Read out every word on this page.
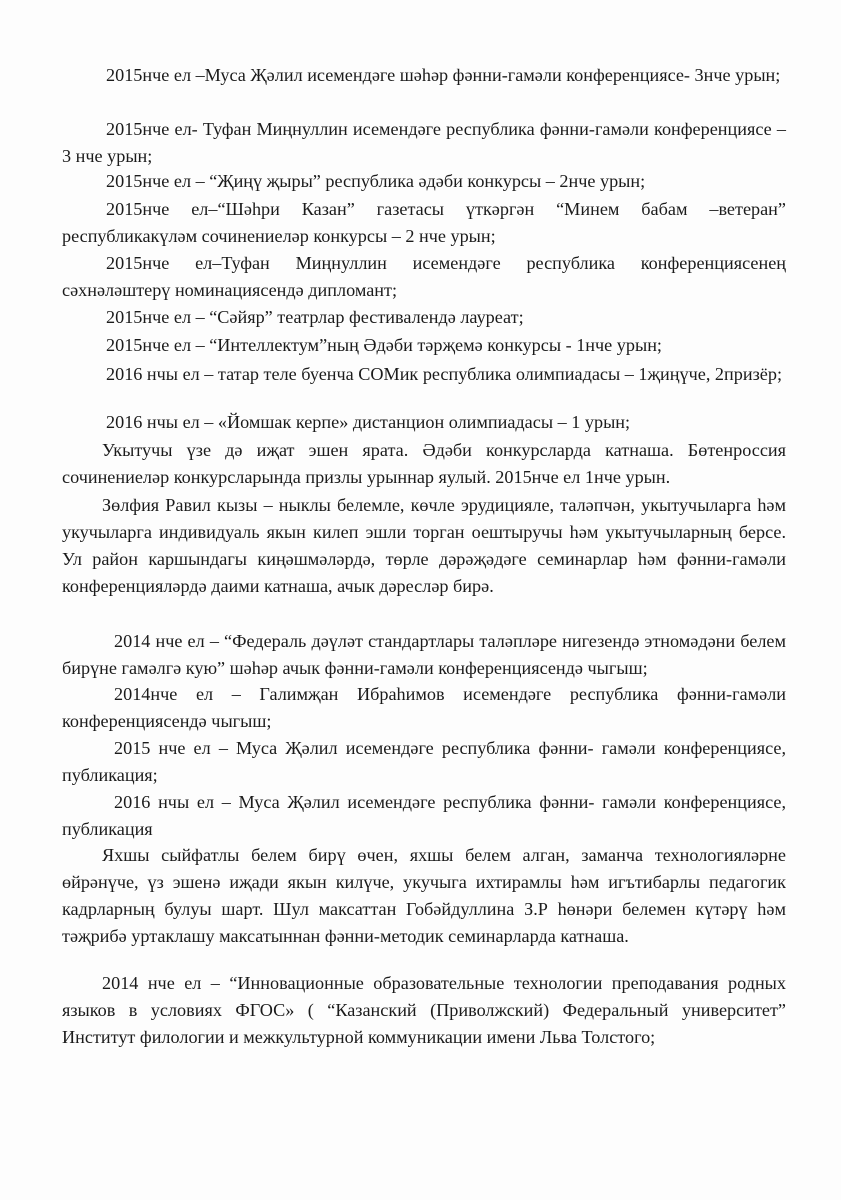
2015нче ел –Муса Җәлил исемендәге шәһәр фәнни-гамәли конференциясе- 3нче урын;

2015нче ел- Туфан Миңнуллин исемендәге республика фәнни-гамәли конференциясе – 3 нче урын;

2015нче ел – “Җиңү җыры” республика әдәби конкурсы – 2нче урын;

2015нче ел–“Шәһри Казан” газетасы үткәргән “Минем бабам –ветеран” республикакүләм сочинениеләр конкурсы – 2 нче урын;

2015нче ел–Туфан Миңнуллин исемендәге республика конференциясенең сәхнәләштерү номинациясендә дипломант;

2015нче ел – “Сәйяр” театрлар фестивалендә лауреат;

2015нче ел – “Интеллектум”ның Әдәби тәрҗемә конкурсы - 1нче урын;

2016 нчы ел – татар теле буенча СОМик республика олимпиадасы – 1җиңүче, 2призёр;

2016 нчы ел – «Йомшак керпе» дистанцион олимпиадасы – 1 урын;

Укытучы үзе дә иҗат эшен ярата. Әдәби конкурсларда катнаша. Бөтенроссия сочинениеләр конкурсларында призлы урыннар яулый. 2015нче ел 1нче урын.

Зөлфия Равил кызы – ныклы белемле, көчле эрудицияле, таләпчән, укытучыларга һәм укучыларга индивидуаль якын килеп эшли торган оештыручы һәм укытучыларның берсе. Ул район каршындагы киңәшмәләрдә, төрле дәрәҗәдәге семинарлар һәм фәнни-гамәли конференцияләрдә даими катнаша, ачык дәресләр бирә.

2014 нче ел – “Федераль дәүләт стандартлары таләпләре нигезендә этномәдәни белем бирүне гамәлгә кую” шәһәр ачык фәнни-гамәли конференциясендә чыгыш;

2014нче ел – Галимҗан Ибраһимов исемендәге республика фәнни-гамәли конференциясендә чыгыш;

2015 нче ел – Муса Җәлил исемендәге республика фәнни- гамәли конференциясе, публикация;

2016 нчы ел – Муса Җәлил исемендәге республика фәнни- гамәли конференциясе, публикация

Яхшы сыйфатлы белем бирү өчен, яхшы белем алган, заманча технологияләрне өйрәнүче, үз эшенә иҗади якын килүче, укучыга ихтирамлы һәм игътибарлы педагогик кадрларның булуы шарт. Шул максаттан Гобәйдуллина З.Р һөнәри белемен күтәрү һәм тәҗрибә уртаклашу максатыннан фәнни-методик семинарларда катнаша.

2014 нче ел – “Инновационные образовательные технологии преподавания родных языков в условиях ФГОС» ( “Казанский (Приволжский) Федеральный университет” Институт филологии и межкультурной коммуникации имени Льва Толстого;
